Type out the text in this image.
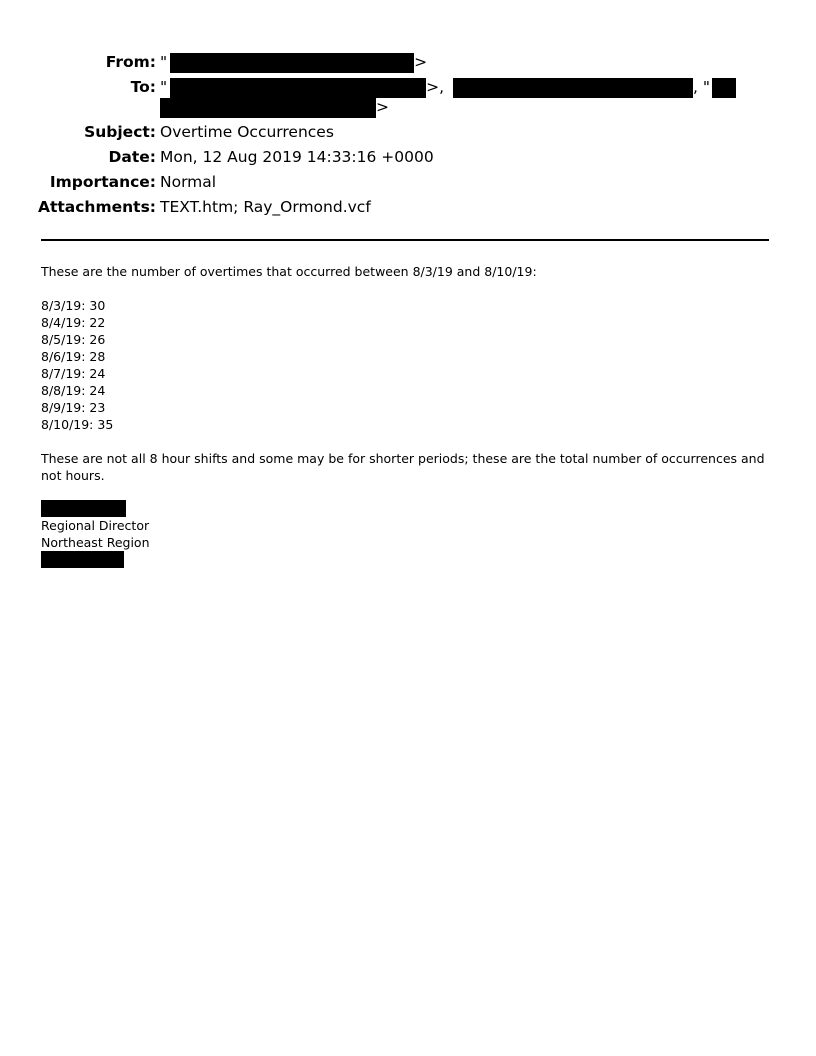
From: "	>
To: "	>,	, "
>
Subject: Overtime Occurrences
Date: Mon, 12 Aug 2019 14:33:16 +0000
Importance: Normal
Attachments: TEXT.htm; Ray_Ormond.vcf

These are the number of overtimes that occurred between 8/3/19 and 8/10/19:

8/3/19: 30
8/4/19: 22
8/5/19: 26
8/6/19: 28
8/7/19: 24
8/8/19: 24
8/9/19: 23
8/10/19: 35

These are not all 8 hour shifts and some may be for shorter periods; these are the total number of occurrences and not hours.

Regional Director
Northeast Region
